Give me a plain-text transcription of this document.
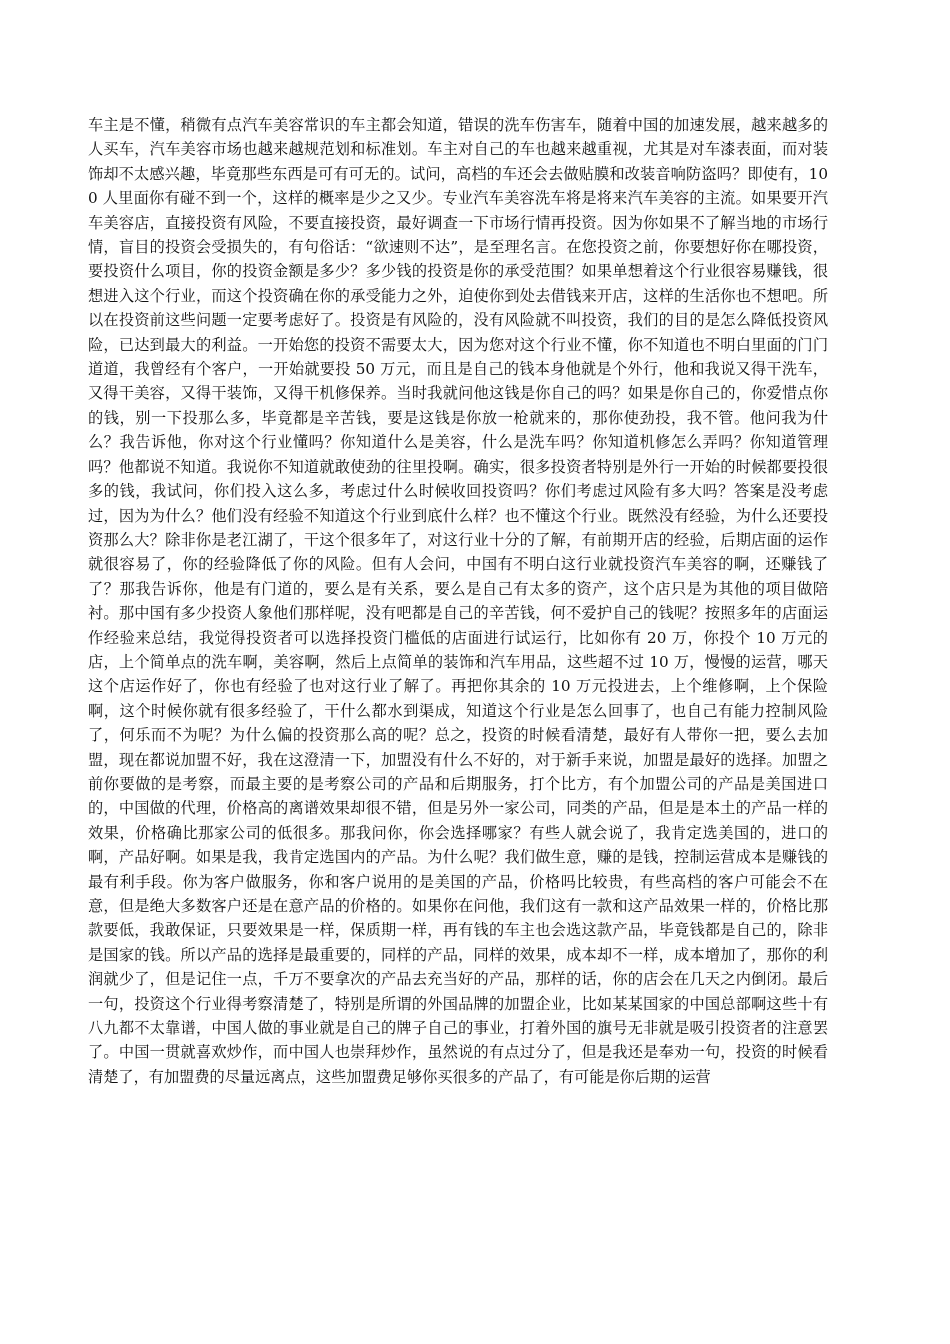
车主是不懂，稍微有点汽车美容常识的车主都会知道，错误的洗车伤害车，随着中国的加速发展，越来越多的人买车，汽车美容市场也越来越规范划和标准划。车主对自己的车也越来越重视，尤其是对车漆表面，而对装饰却不太感兴趣，毕竟那些东西是可有可无的。试问，高档的车还会去做贴膜和改装音响防盗吗？即使有，100 人里面你有碰不到一个，这样的概率是少之又少。专业汽车美容洗车将是将来汽车美容的主流。如果要开汽车美容店，直接投资有风险，不要直接投资，最好调查一下市场行情再投资。因为你如果不了解当地的市场行情，盲目的投资会受损失的，有句俗话：“欲速则不达”，是至理名言。在您投资之前，你要想好你在哪投资，要投资什么项目，你的投资金额是多少？多少钱的投资是你的承受范围？如果单想着这个行业很容易赚钱，很想进入这个行业，而这个投资确在你的承受能力之外，迫使你到处去借钱来开店，这样的生活你也不想吧。所以在投资前这些问题一定要考虑好了。投资是有风险的，没有风险就不叫投资，我们的目的是怎么降低投资风险，已达到最大的利益。一开始您的投资不需要太大，因为您对这个行业不懂，你不知道也不明白里面的门门道道，我曾经有个客户，一开始就要投 50 万元，而且是自己的钱本身他就是个外行，他和我说又得干洗车，又得干美容，又得干装饰，又得干机修保养。当时我就问他这钱是你自己的吗？如果是你自己的，你爱惜点你的钱，别一下投那么多，毕竟都是辛苦钱，要是这钱是你放一枪就来的，那你使劲投，我不管。他问我为什么？我告诉他，你对这个行业懂吗？你知道什么是美容，什么是洗车吗？你知道机修怎么弄吗？你知道管理吗？他都说不知道。我说你不知道就敢使劲的往里投啊。确实，很多投资者特别是外行一开始的时候都要投很多的钱，我试问，你们投入这么多，考虑过什么时候收回投资吗？你们考虑过风险有多大吗？答案是没考虑过，因为为什么？他们没有经验不知道这个行业到底什么样？也不懂这个行业。既然没有经验，为什么还要投资那么大？除非你是老江湖了，干这个很多年了，对这行业十分的了解，有前期开店的经验，后期店面的运作就很容易了，你的经验降低了你的风险。但有人会问，中国有不明白这行业就投资汽车美容的啊，还赚钱了了？那我告诉你，他是有门道的，要么是有关系，要么是自己有太多的资产，这个店只是为其他的项目做陪衬。那中国有多少投资人象他们那样呢，没有吧都是自己的辛苦钱，何不爱护自己的钱呢？按照多年的店面运作经验来总结，我觉得投资者可以选择投资门槛低的店面进行试运行，比如你有 20 万，你投个 10 万元的店，上个简单点的洗车啊，美容啊，然后上点简单的装饰和汽车用品，这些超不过 10 万，慢慢的运营，哪天这个店运作好了，你也有经验了也对这行业了解了。再把你其余的 10 万元投进去，上个维修啊，上个保险啊，这个时候你就有很多经验了，干什么都水到渠成，知道这个行业是怎么回事了，也自己有能力控制风险了，何乐而不为呢？为什么偏的投资那么高的呢？总之，投资的时候看清楚，最好有人带你一把，要么去加盟，现在都说加盟不好，我在这澄清一下，加盟没有什么不好的，对于新手来说，加盟是最好的选择。加盟之前你要做的是考察，而最主要的是考察公司的产品和后期服务，打个比方，有个加盟公司的产品是美国进口的，中国做的代理，价格高的离谱效果却很不错，但是另外一家公司，同类的产品，但是是本土的产品一样的效果，价格确比那家公司的低很多。那我问你，你会选择哪家？有些人就会说了，我肯定选美国的，进口的啊，产品好啊。如果是我，我肯定选国内的产品。为什么呢？我们做生意，赚的是钱，控制运营成本是赚钱的最有利手段。你为客户做服务，你和客户说用的是美国的产品，价格吗比较贵，有些高档的客户可能会不在意，但是绝大多数客户还是在意产品的价格的。如果你在问他，我们这有一款和这产品效果一样的，价格比那款要低，我敢保证，只要效果是一样，保质期一样，再有钱的车主也会选这款产品，毕竟钱都是自己的，除非是国家的钱。所以产品的选择是最重要的，同样的产品，同样的效果，成本却不一样，成本增加了，那你的利润就少了，但是记住一点，千万不要拿次的产品去充当好的产品，那样的话，你的店会在几天之内倒闭。最后一句，投资这个行业得考察清楚了，特别是所谓的外国品牌的加盟企业，比如某某国家的中国总部啊这些十有八九都不太靠谱，中国人做的事业就是自己的牌子自己的事业，打着外国的旗号无非就是吸引投资者的注意罢了。中国一贯就喜欢炒作，而中国人也崇拜炒作，虽然说的有点过分了，但是我还是奉劝一句，投资的时候看清楚了，有加盟费的尽量远离点，这些加盟费足够你买很多的产品了，有可能是你后期的运营
